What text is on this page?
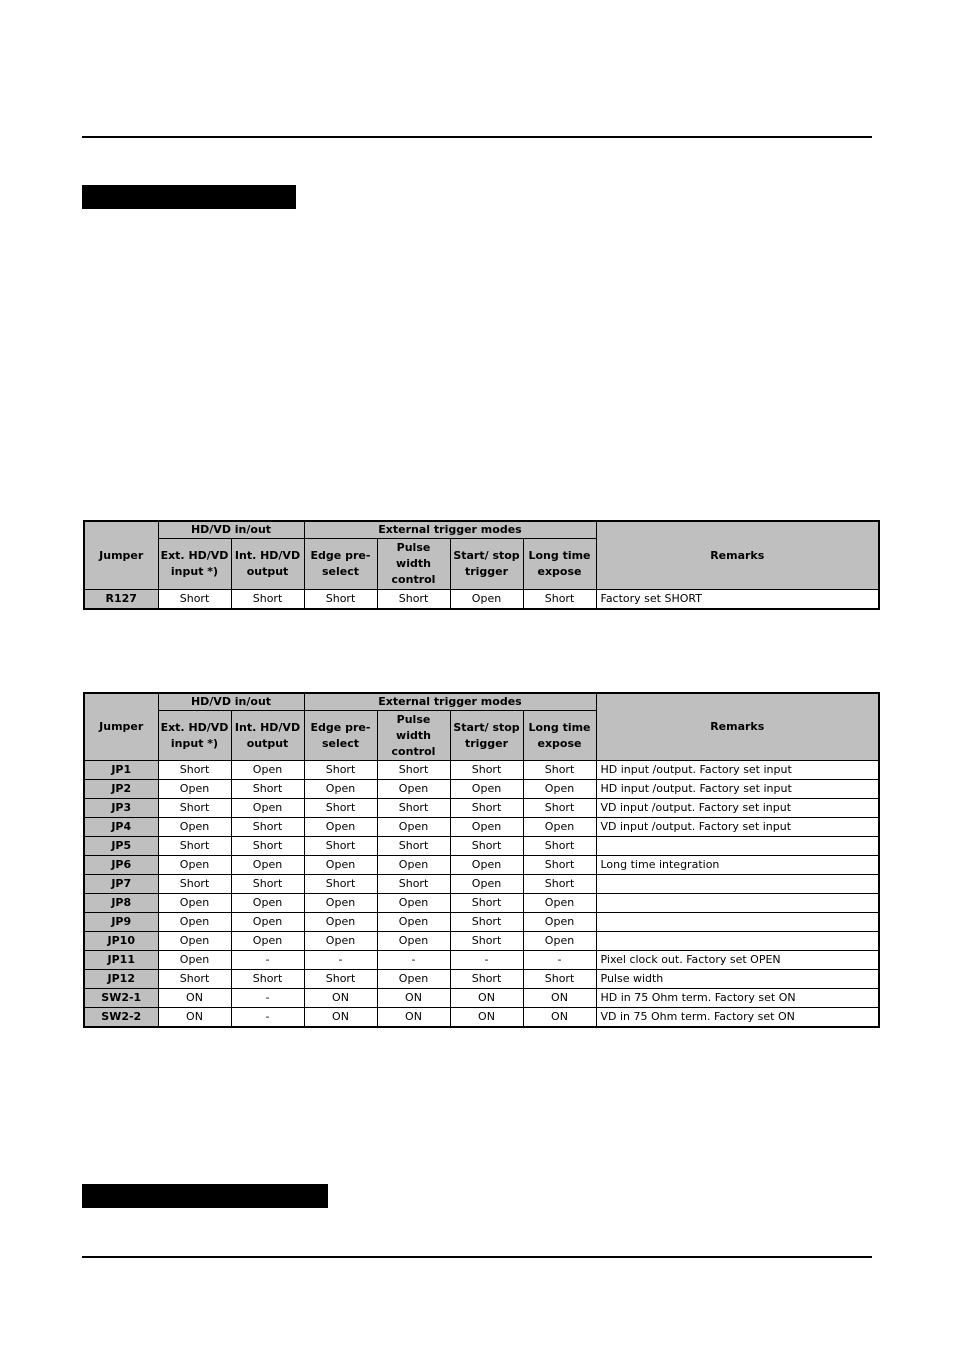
Jumper	HD/VD in/out		External trigger modes				Remarks
	Ext. HD/VD input *)	Int. HD/VD output	Edge pre-select	Pulse width control	Start/ stop trigger	Long time expose	
R127	Short	Short	Short	Short	Open	Short	Factory set SHORT
Jumper	HD/VD in/out		External trigger modes				Remarks
	Ext. HD/VD input *)	Int. HD/VD output	Edge pre-select	Pulse width control	Start/ stop trigger	Long time expose	
JP1	Short	Open	Short	Short	Short	Short	HD input /output. Factory set input
JP2	Open	Short	Open	Open	Open	Open	HD input /output. Factory set input
JP3	Short	Open	Short	Short	Short	Short	VD input /output. Factory set input
JP4	Open	Short	Open	Open	Open	Open	VD input /output. Factory set input
JP5	Short	Short	Short	Short	Short	Short	
JP6	Open	Open	Open	Open	Open	Short	Long time integration
JP7	Short	Short	Short	Short	Open	Short	
JP8	Open	Open	Open	Open	Short	Open	
JP9	Open	Open	Open	Open	Short	Open	
JP10	Open	Open	Open	Open	Short	Open	
JP11	Open	-	-	-	-	-	Pixel clock out. Factory set OPEN
JP12	Short	Short	Short	Open	Short	Short	Pulse width
SW2-1	ON	-	ON	ON	ON	ON	HD in 75 Ohm term. Factory set ON
SW2-2	ON	-	ON	ON	ON	ON	VD in 75 Ohm term. Factory set ON
